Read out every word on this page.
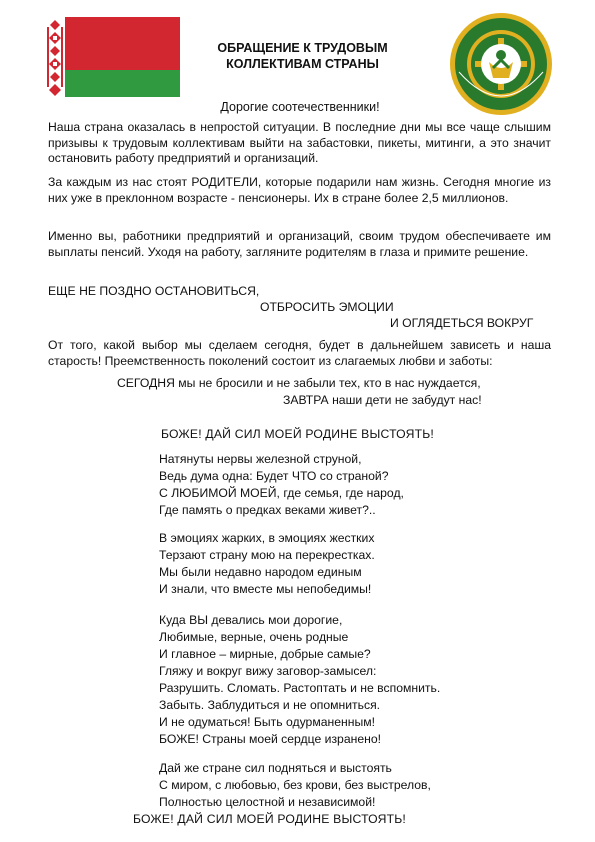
ОБРАЩЕНИЕ К ТРУДОВЫМ
КОЛЛЕКТИВАМ СТРАНЫ
Дорогие соотечественники!
Наша страна оказалась в непростой ситуации. В последние дни мы все чаще слышим призывы к трудовым коллективам выйти на забастовки, пикеты, митинги, а это значит остановить работу предприятий и организаций.
За каждым из нас стоят РОДИТЕЛИ, которые подарили нам жизнь. Сегодня многие из них уже в преклонном возрасте - пенсионеры. Их в стране более 2,5 миллионов.
Именно вы, работники предприятий и организаций, своим трудом обеспечиваете им выплаты пенсий. Уходя на работу, загляните родителям в глаза и примите решение.
ЕЩЕ НЕ ПОЗДНО ОСТАНОВИТЬСЯ,
ОТБРОСИТЬ ЭМОЦИИ
И ОГЛЯДЕТЬСЯ ВОКРУГ
От того, какой выбор мы сделаем сегодня, будет в дальнейшем зависеть и наша старость! Преемственность поколений состоит из слагаемых любви и заботы:
СЕГОДНЯ мы не бросили и не забыли тех, кто в нас нуждается,
ЗАВТРА наши дети не забудут нас!
БОЖЕ! ДАЙ СИЛ МОЕЙ РОДИНЕ ВЫСТОЯТЬ!
Натянуты нервы железной струной,
Ведь дума одна: Будет ЧТО со страной?
С ЛЮБИМОЙ МОЕЙ, где семья, где народ,
Где память о предках веками живет?..
В эмоциях жарких, в эмоциях жестких
Терзают страну мою на перекрестках.
Мы были недавно народом единым
И знали, что вместе мы непобедимы!
Куда ВЫ девались мои дорогие,
Любимые, верные, очень родные
И главное – мирные, добрые самые?
Гляжу и вокруг вижу заговор-замысел:
Разрушить. Сломать. Растоптать и не вспомнить.
Забыть. Заблудиться и не опомниться.
И не одуматься! Быть одурманенным!
БОЖЕ! Страны моей сердце изранено!
Дай же стране сил подняться и выстоять
С миром, с любовью, без крови, без выстрелов,
Полностью целостной и независимой!
БОЖЕ! ДАЙ СИЛ МОЕЙ РОДИНЕ ВЫСТОЯТЬ!
